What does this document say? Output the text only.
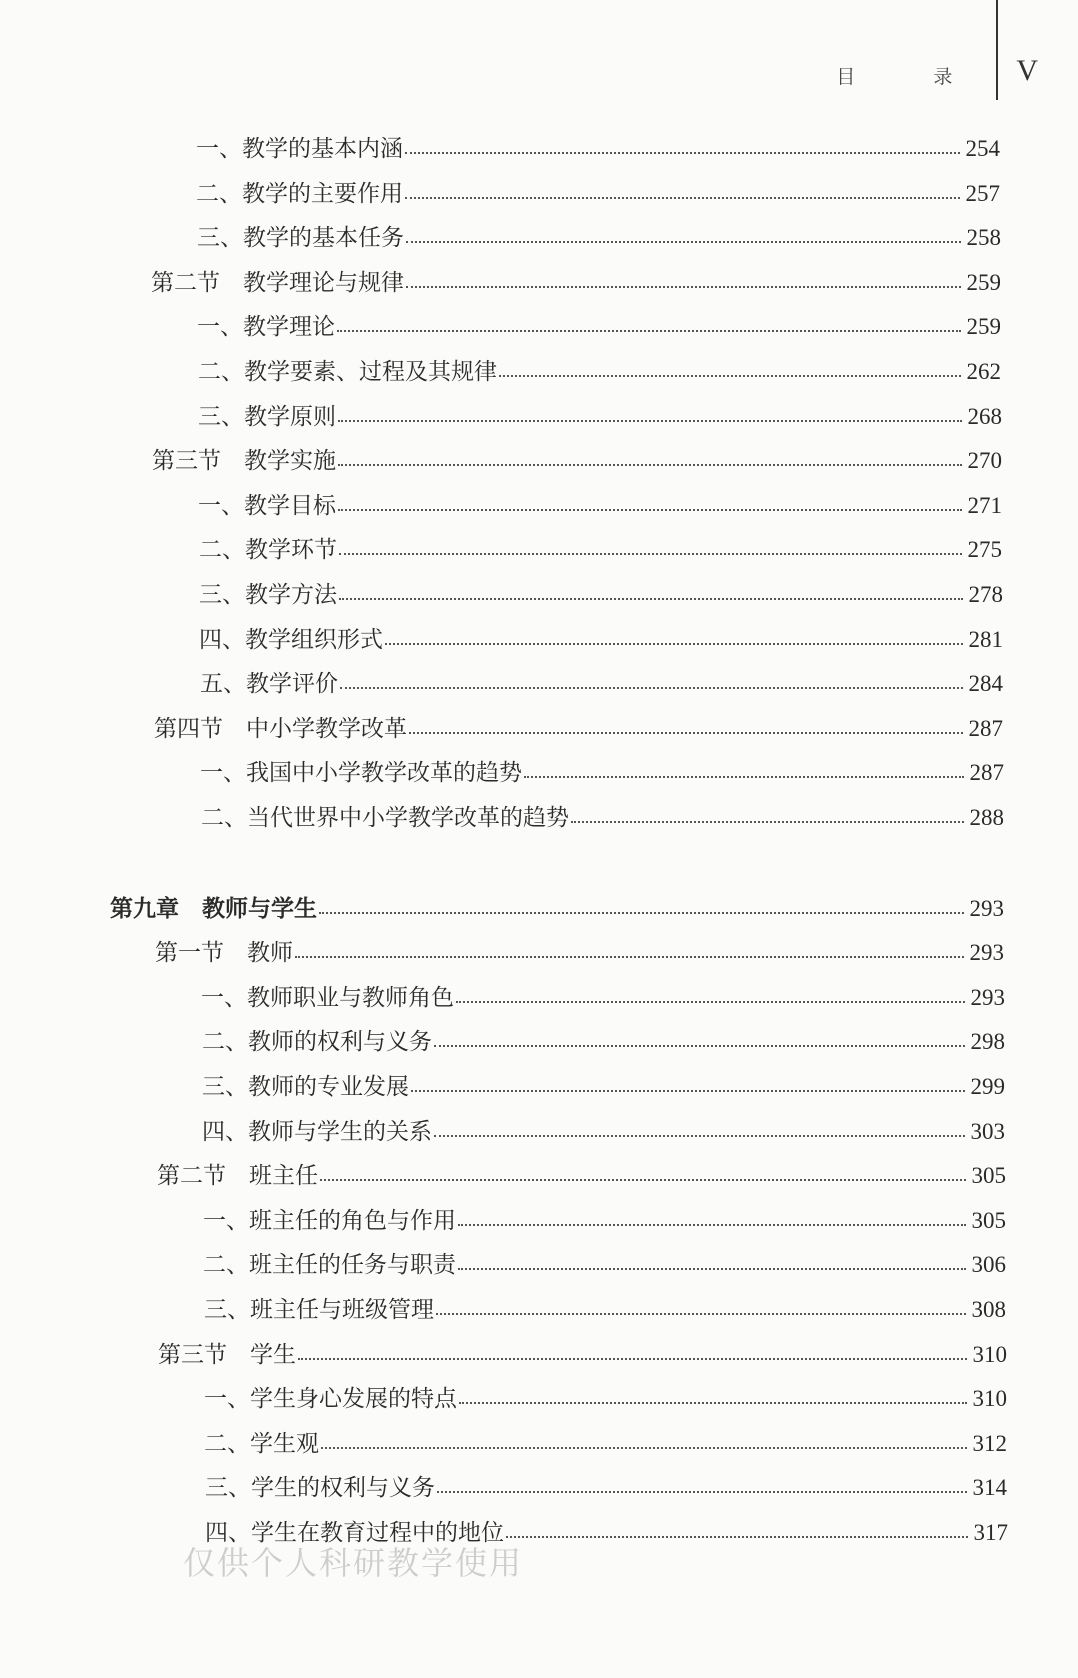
目 录 V
一、教学的基本内涵	254
二、教学的主要作用	257
三、教学的基本任务	258
第二节　教学理论与规律	259
一、教学理论	259
二、教学要素、过程及其规律	262
三、教学原则	268
第三节　教学实施	270
一、教学目标	271
二、教学环节	275
三、教学方法	278
四、教学组织形式	281
五、教学评价	284
第四节　中小学教学改革	287
一、我国中小学教学改革的趋势	287
二、当代世界中小学教学改革的趋势	288
第九章　教师与学生	293
第一节　教师	293
一、教师职业与教师角色	293
二、教师的权利与义务	298
三、教师的专业发展	299
四、教师与学生的关系	303
第二节　班主任	305
一、班主任的角色与作用	305
二、班主任的任务与职责	306
三、班主任与班级管理	308
第三节　学生	310
一、学生身心发展的特点	310
二、学生观	312
三、学生的权利与义务	314
四、学生在教育过程中的地位	317
仅供个人科研教学使用
